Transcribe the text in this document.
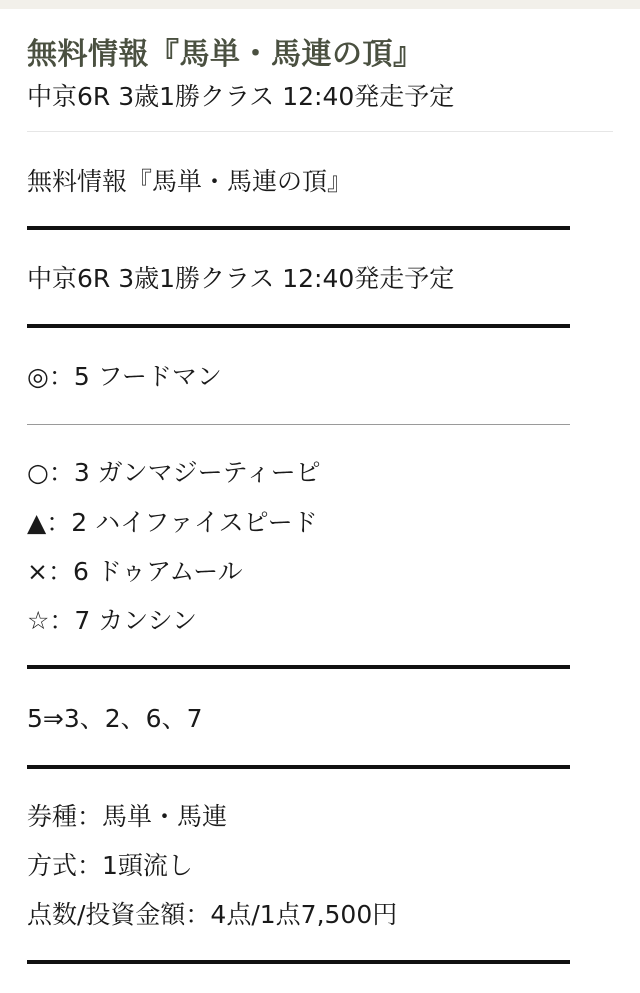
無料情報『馬単・馬連の頂』
中京6R 3歳1勝クラス 12:40発走予定
無料情報『馬単・馬連の頂』
中京6R 3歳1勝クラス 12:40発走予定
◎：5 フードマン
○：3 ガンマジーティーピ
▲：2 ハイファイスピード
×：6 ドゥアムール
☆：7 カンシン
5⇒3、2、6、7
券種：馬単・馬連
方式：1頭流し
点数/投資金額：4点/1点7,500円
